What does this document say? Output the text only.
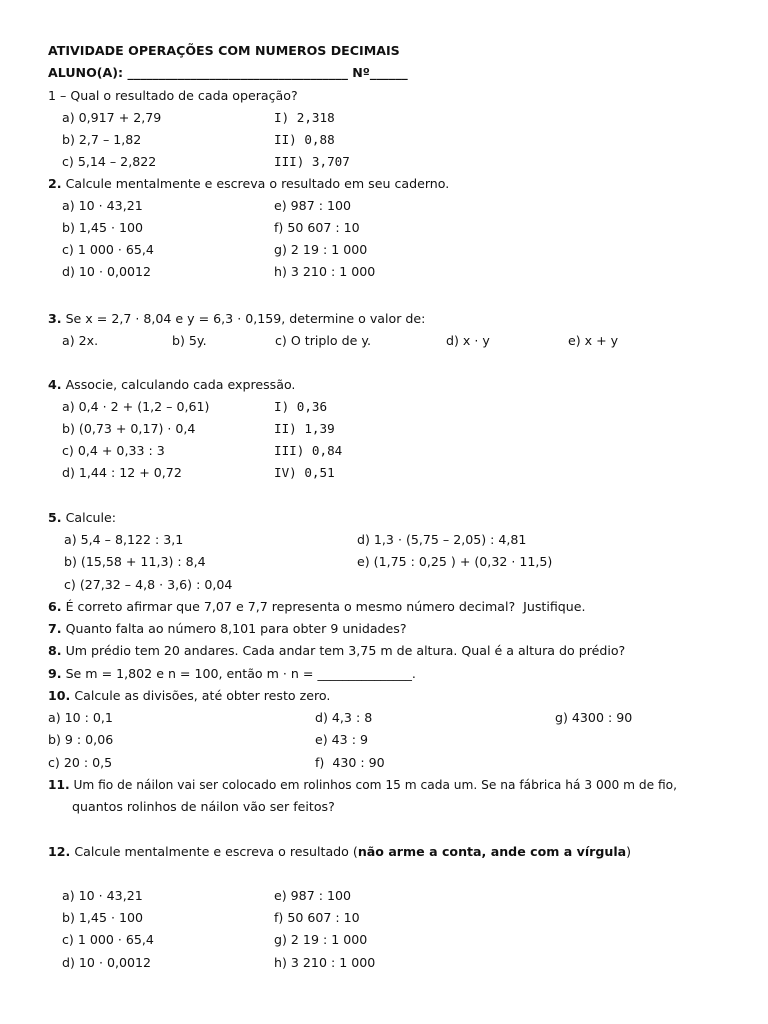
ATIVIDADE OPERAÇÕES COM NUMEROS DECIMAIS
ALUNO(A): ___________________________________ Nº______
1 – Qual o resultado de cada operação?
a) 0,917 + 2,79
b) 2,7 – 1,82
c) 5,14 – 2,822
I) 2,318
II) 0,88
III) 3,707
2. Calcule mentalmente e escreva o resultado em seu caderno.
a) 10 · 43,21
b) 1,45 · 100
c) 1 000 · 65,4
d) 10 · 0,0012
e) 987 : 100
f) 50 607 : 10
g) 2 19 : 1 000
h) 3 210 : 1 000
3. Se x = 2,7 · 8,04 e y = 6,3 · 0,159, determine o valor de:
a) 2x.	b) 5y.	c) O triplo de y.	d) x · y	e) x + y
4. Associe, calculando cada expressão.
a) 0,4 · 2 + (1,2 – 0,61)
b) (0,73 + 0,17) · 0,4
c) 0,4 + 0,33 : 3
d) 1,44 : 12 + 0,72
I) 0,36
II) 1,39
III) 0,84
IV) 0,51
5. Calcule:
a) 5,4 – 8,122 : 3,1
b) (15,58 + 11,3) : 8,4
c) (27,32 – 4,8 · 3,6) : 0,04
d) 1,3 · (5,75 – 2,05) : 4,81
e) (1,75 : 0,25 ) + (0,32 · 11,5)
6. É correto afirmar que 7,07 e 7,7 representa o mesmo número decimal?  Justifique.
7. Quanto falta ao número 8,101 para obter 9 unidades?
8. Um prédio tem 20 andares. Cada andar tem 3,75 m de altura. Qual é a altura do prédio?
9. Se m = 1,802 e n = 100, então m · n = _______________.
10. Calcule as divisões, até obter resto zero.
a) 10 : 0,1
b) 9 : 0,06
c) 20 : 0,5
d) 4,3 : 8
e) 43 : 9
f)  430 : 90
g) 4300 : 90
11. Um fio de náilon vai ser colocado em rolinhos com 15 m cada um. Se na fábrica há 3 000 m de fio,
quantos rolinhos de náilon vão ser feitos?
12. Calcule mentalmente e escreva o resultado (não arme a conta, ande com a vírgula)
a) 10 · 43,21
b) 1,45 · 100
c) 1 000 · 65,4
d) 10 · 0,0012
e) 987 : 100
f) 50 607 : 10
g) 2 19 : 1 000
h) 3 210 : 1 000
